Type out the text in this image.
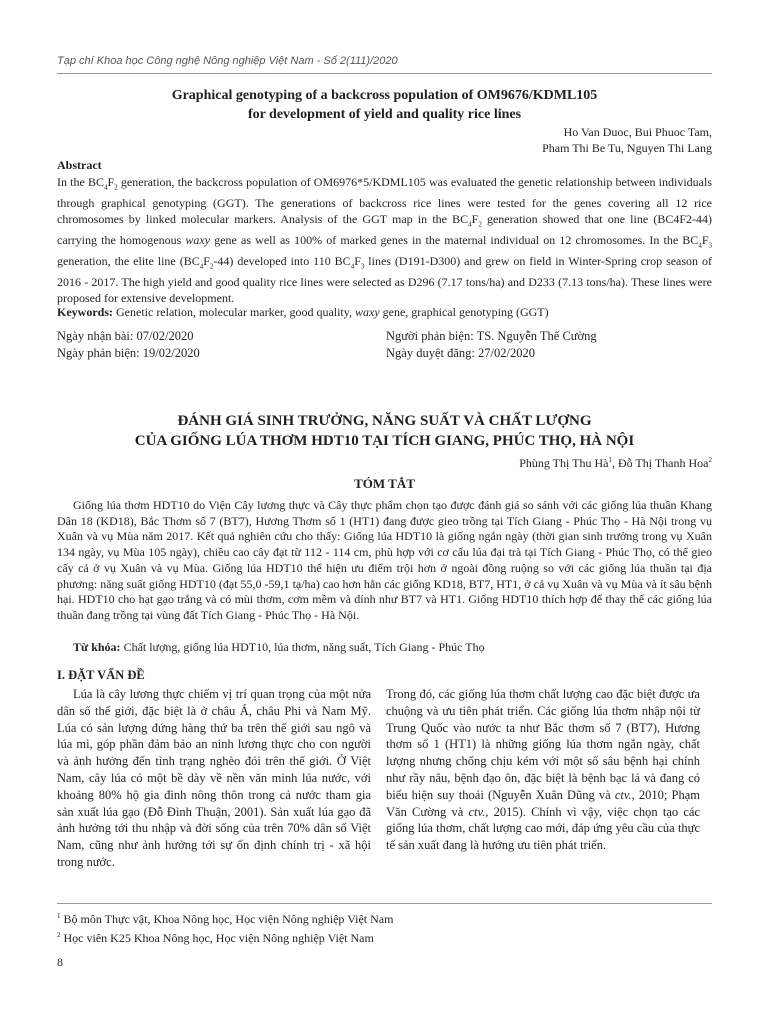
Tạp chí Khoa học Công nghệ Nông nghiệp Việt Nam - Số 2(111)/2020
Graphical genotyping of a backcross population of OM9676/KDML105
for development of yield and quality rice lines
Ho Van Duoc, Bui Phuoc Tam,
Pham Thi Be Tu, Nguyen Thi Lang
Abstract

In the $BC_4F_2$ generation, the backcross population of OM6976*5/KDML105 was evaluated the genetic relationship between individuals through graphical genotyping (GGT). The generations of backcross rice lines were tested for the genes covering all 12 rice chromosomes by linked molecular markers. Analysis of the GGT map in the $BC_4F_2$ generation showed that one line (BC4F2-44) carrying the homogenous waxy gene as well as 100% of marked genes in the maternal individual on 12 chromosomes. In the $BC_4F_3$ generation, the elite line $(BC_4F_2-44)$ developed into 110 $BC_4F_3$ lines (D191-D300) and grew on field in Winter-Spring crop season of 2016 - 2017. The high yield and good quality rice lines were selected as D296 (7.17 tons/ha) and D233 (7.13 tons/ha). These lines were proposed for extensive development.

Keywords: Genetic relation, molecular marker, good quality, waxy gene, graphical genotyping (GGT)
Ngày nhận bài: 07/02/2020
Ngày phản biện: 19/02/2020
Người phản biện: TS. Nguyễn Thế Cường
Ngày duyệt đăng: 27/02/2020
ĐÁNH GIÁ SINH TRƯỞNG, NĂNG SUẤT VÀ CHẤT LƯỢNG
CỦA GIỐNG LÚA THƠM HDT10 TẠI TÍCH GIANG, PHÚC THỌ, HÀ NỘI
Phùng Thị Thu $Hà^1$, Đỗ Thị Thanh Hoa$^2$
TÓM TẮT
Giống lúa thơm HDT10 do Viện Cây lương thực và Cây thực phẩm chọn tạo được đánh giá so sánh với các giống lúa thuần Khang Dân 18 (KD18), Bắc Thơm số 7 (BT7), Hương Thơm số 1 (HT1) đang được gieo trồng tại Tích Giang - Phúc Thọ - Hà Nội trong vụ Xuân và vụ Mùa năm 2017. Kết quả nghiên cứu cho thấy: Giống lúa HDT10 là giống ngắn ngày (thời gian sinh trưởng trong vụ Xuân 134 ngày, vụ Mùa 105 ngày), chiều cao cây đạt từ 112 - 114 cm, phù hợp với cơ cấu lúa đại trà tại Tích Giang - Phúc Thọ, có thể gieo cấy cả ở vụ Xuân và vụ Mùa. Giống lúa HDT10 thể hiện ưu điểm trội hơn ở ngoài đồng ruộng so với các giống lúa thuần tại địa phương: năng suất giống HDT10 (đạt 55,0 -59,1 tạ/ha) cao hơn hẳn các giống KD18, BT7, HT1, ở cả vụ Xuân và vụ Mùa và ít sâu bệnh hại. HDT10 cho hạt gạo trắng và có mùi thơm, cơm mềm và dính như BT7 và HT1. Giống HDT10 thích hợp để thay thế các giống lúa thuần đang trồng tại vùng đất Tích Giang - Phúc Thọ - Hà Nội.
Từ khóa: Chất lượng, giống lúa HDT10, lúa thơm, năng suất, Tích Giang - Phúc Thọ
I. ĐẶT VẤN ĐỀ
Lúa là cây lương thực chiếm vị trí quan trọng của một nửa dân số thế giới, đặc biệt là ở châu Á, châu Phi và Nam Mỹ. Lúa có sản lượng đứng hàng thứ ba trên thế giới sau ngô và lúa mì, góp phần đảm bảo an ninh lương thực cho con người và ảnh hưởng đến tình trạng nghèo đói trên thế giới. Ở Việt Nam, cây lúa có một bề dày về nền văn minh lúa nước, với khoảng 80% hộ gia đình nông thôn trong cả nước tham gia sản xuất lúa gạo (Đỗ Đình Thuận, 2001). Sản xuất lúa gạo đã ảnh hưởng tới thu nhập và đời sống của trên 70% dân số Việt Nam, cũng như ảnh hưởng tới sự ổn định chính trị - xã hội trong nước.
Trong đó, các giống lúa thơm chất lượng cao đặc biệt được ưa chuộng và ưu tiên phát triển. Các giống lúa thơm nhập nội từ Trung Quốc vào nước ta như Bắc thơm số 7 (BT7), Hương thơm số 1 (HT1) là những giống lúa thơm ngắn ngày, chất lượng nhưng chống chịu kém với một số sâu bệnh hại chính như rầy nâu, bệnh đạo ôn, đặc biệt là bệnh bạc lá và đang có biểu hiện suy thoái (Nguyễn Xuân Dũng và ctv., 2010; Phạm Văn Cường và ctv., 2015). Chính vì vậy, việc chọn tạo các giống lúa thơm, chất lượng cao mới, đáp ứng yêu cầu của thực tế sản xuất đang là hướng ưu tiên phát triển.
$^1$ Bộ môn Thực vật, Khoa Nông học, Học viện Nông nghiệp Việt Nam
$^2$ Học viên K25 Khoa Nông học, Học viện Nông nghiệp Việt Nam
8
